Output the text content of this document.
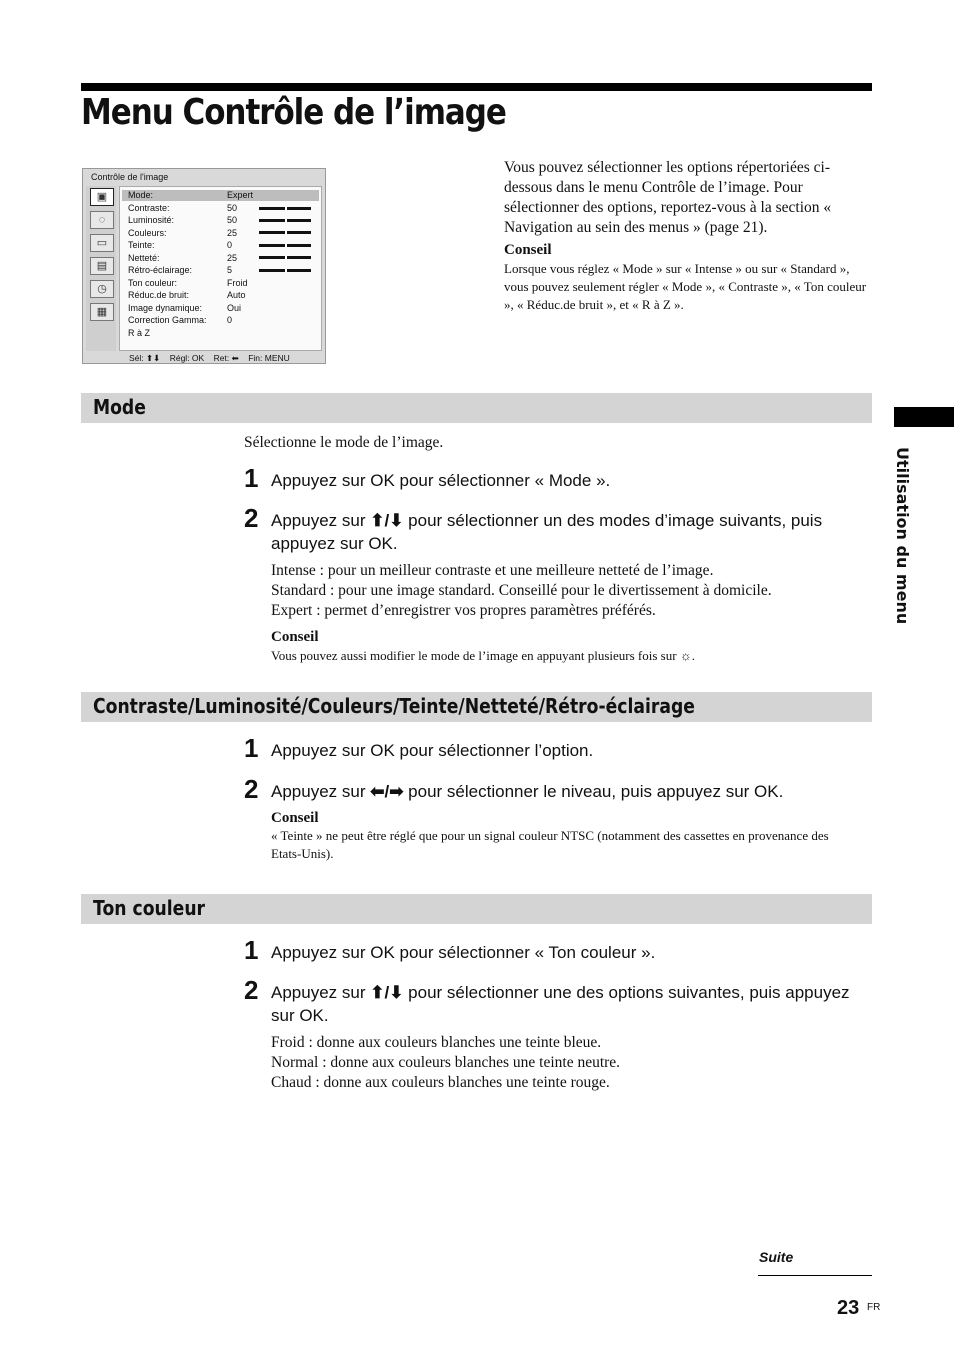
Menu Contrôle de l’image
Utilisation du menu
Contrôle de l'image
▣
◌
▭
▤
◷
▦
Mode:	Expert
Contraste:	50
Luminosité:	50
Couleurs:	25
Teinte:	0
Netteté:	25
Rétro-éclairage:	5
Ton couleur:	Froid
Réduc.de bruit:	Auto
Image dynamique:	Oui
Correction Gamma: 0
R à Z
Sél: ⬆⬇ Régl: OK Ret: ⬅ Fin: MENU
Vous pouvez sélectionner les options répertoriées ci-dessous dans le menu Contrôle de l’image. Pour sélectionner des options, reportez-vous à la section « Navigation au sein des menus » (page 21).
Conseil
Lorsque vous réglez « Mode » sur « Intense » ou sur « Standard », vous pouvez seulement régler « Mode », « Contraste », « Ton couleur », « Réduc.de bruit », et « R à Z ».
Mode
Sélectionne le mode de l’image.
1 Appuyez sur OK pour sélectionner « Mode ».
2 Appuyez sur ⬆/⬇ pour sélectionner un des modes d’image suivants, puis appuyez sur OK.
Intense : pour un meilleur contraste et une meilleure netteté de l’image.
Standard : pour une image standard. Conseillé pour le divertissement à domicile.
Expert : permet d’enregistrer vos propres paramètres préférés.
Conseil
Vous pouvez aussi modifier le mode de l’image en appuyant plusieurs fois sur ☼.
Contraste/Luminosité/Couleurs/Teinte/Netteté/Rétro-éclairage
1 Appuyez sur OK pour sélectionner l’option.
2 Appuyez sur ⬅/➡ pour sélectionner le niveau, puis appuyez sur OK.
Conseil
« Teinte » ne peut être réglé que pour un signal couleur NTSC (notamment des cassettes en provenance des Etats-Unis).
Ton couleur
1 Appuyez sur OK pour sélectionner « Ton couleur ».
2 Appuyez sur ⬆/⬇ pour sélectionner une des options suivantes, puis appuyez sur OK.
Froid : donne aux couleurs blanches une teinte bleue.
Normal : donne aux couleurs blanches une teinte neutre.
Chaud : donne aux couleurs blanches une teinte rouge.
Suite
23 FR
